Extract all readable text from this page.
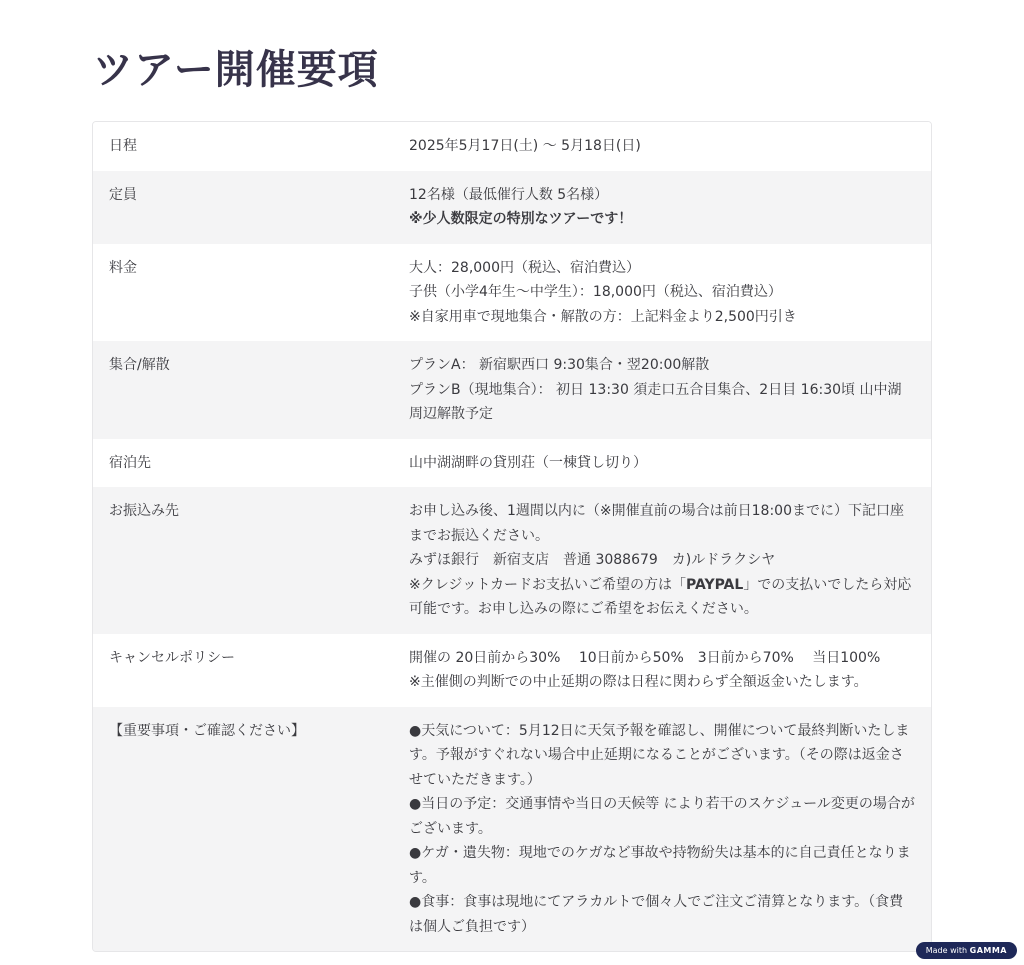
ツアー開催要項
日程	2025年5月17日(土) 〜 5月18日(日)
定員	12名様（最低催行人数 5名様）
※少人数限定の特別なツアーです！
料金	大人：28,000円（税込、宿泊費込）
子供（小学4年生〜中学生）：18,000円（税込、宿泊費込）
※自家用車で現地集合・解散の方：上記料金より2,500円引き
集合/解散	プランA： 新宿駅西口 9:30集合・翌20:00解散
プランB（現地集合）： 初日 13:30 須走口五合目集合、2日目 16:30頃 山中湖周辺解散予定
宿泊先	山中湖湖畔の貸別荘（一棟貸し切り）
お振込み先	お申し込み後、1週間以内に（※開催直前の場合は前日18:00までに）下記口座までお振込ください。
みずほ銀行　新宿支店　普通 3088679　カ)ルドラクシヤ
※クレジットカードお支払いご希望の方は「PAYPAL」での支払いでしたら対応可能です。お申し込みの際にご希望をお伝えください。
キャンセルポリシー	開催の 20日前から30%　 10日前から50%　3日前から70%　 当日100%
※主催側の判断での中止延期の際は日程に関わらず全額返金いたします。
【重要事項・ご確認ください】	●天気について：5月12日に天気予報を確認し、開催について最終判断いたします。予報がすぐれない場合中止延期になることがございます。（その際は返金させていただきます。）
●当日の予定：交通事情や当日の天候等 により若干のスケジュール変更の場合がございます。
●ケガ・遺失物：現地でのケガなど事故や持物紛失は基本的に自己責任となります。
●食事：食事は現地にてアラカルトで個々人でご注文ご清算となります。（食費は個人ご負担です）
Made with GAMMA
